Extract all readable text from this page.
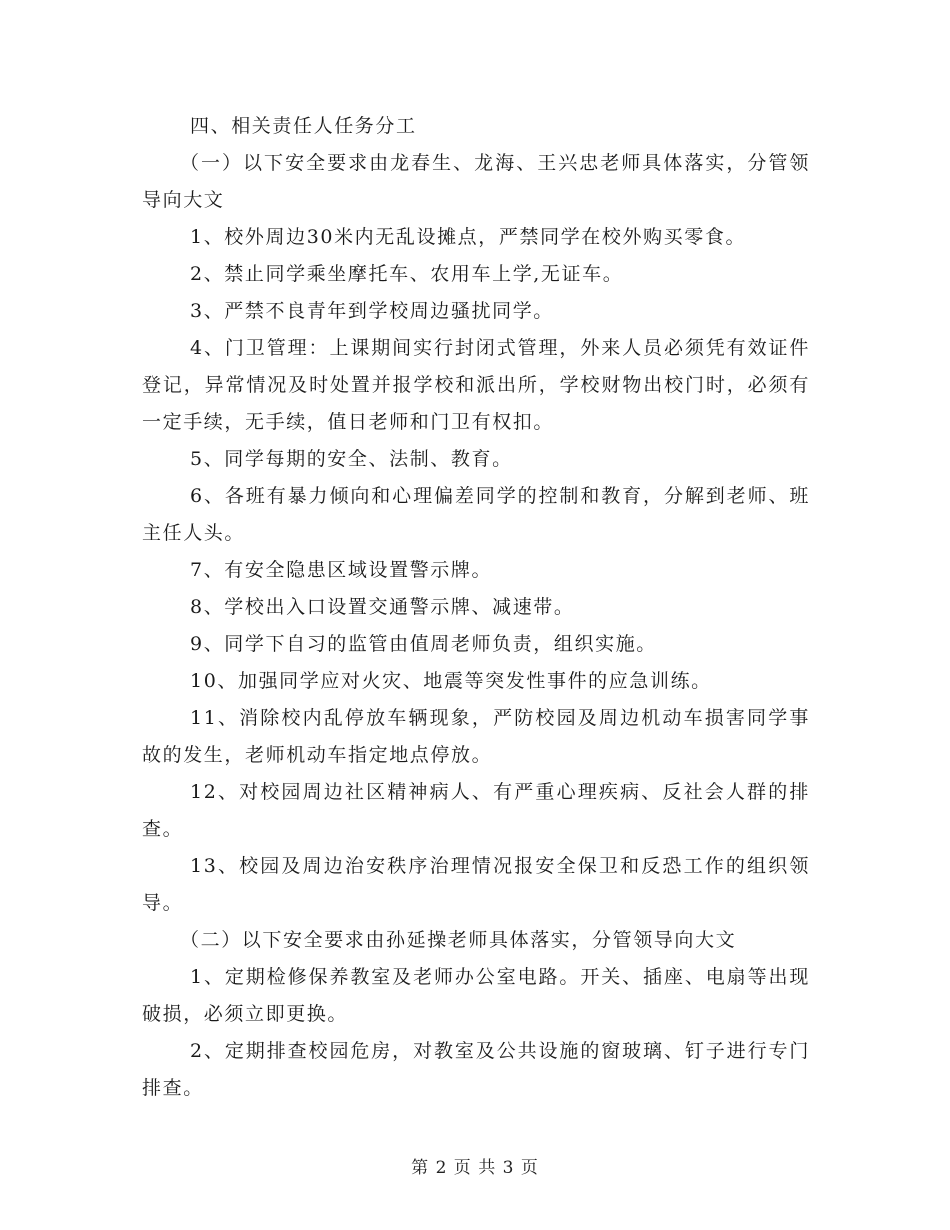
四、相关责任人任务分工

（一）以下安全要求由龙春生、龙海、王兴忠老师具体落实，分管领导向大文

1、校外周边30米内无乱设摊点，严禁同学在校外购买零食。

2、禁止同学乘坐摩托车、农用车上学,无证车。

3、严禁不良青年到学校周边骚扰同学。

4、门卫管理：上课期间实行封闭式管理，外来人员必须凭有效证件登记，异常情况及时处置并报学校和派出所，学校财物出校门时，必须有一定手续，无手续，值日老师和门卫有权扣。

5、同学每期的安全、法制、教育。

6、各班有暴力倾向和心理偏差同学的控制和教育，分解到老师、班主任人头。

7、有安全隐患区域设置警示牌。

8、学校出入口设置交通警示牌、减速带。

9、同学下自习的监管由值周老师负责，组织实施。

10、加强同学应对火灾、地震等突发性事件的应急训练。

11、消除校内乱停放车辆现象，严防校园及周边机动车损害同学事故的发生，老师机动车指定地点停放。

12、对校园周边社区精神病人、有严重心理疾病、反社会人群的排查。

13、校园及周边治安秩序治理情况报安全保卫和反恐工作的组织领导。

（二）以下安全要求由孙延操老师具体落实，分管领导向大文

1、定期检修保养教室及老师办公室电路。开关、插座、电扇等出现破损，必须立即更换。

2、定期排查校园危房，对教室及公共设施的窗玻璃、钉子进行专门排查。

第 2 页 共 3 页
